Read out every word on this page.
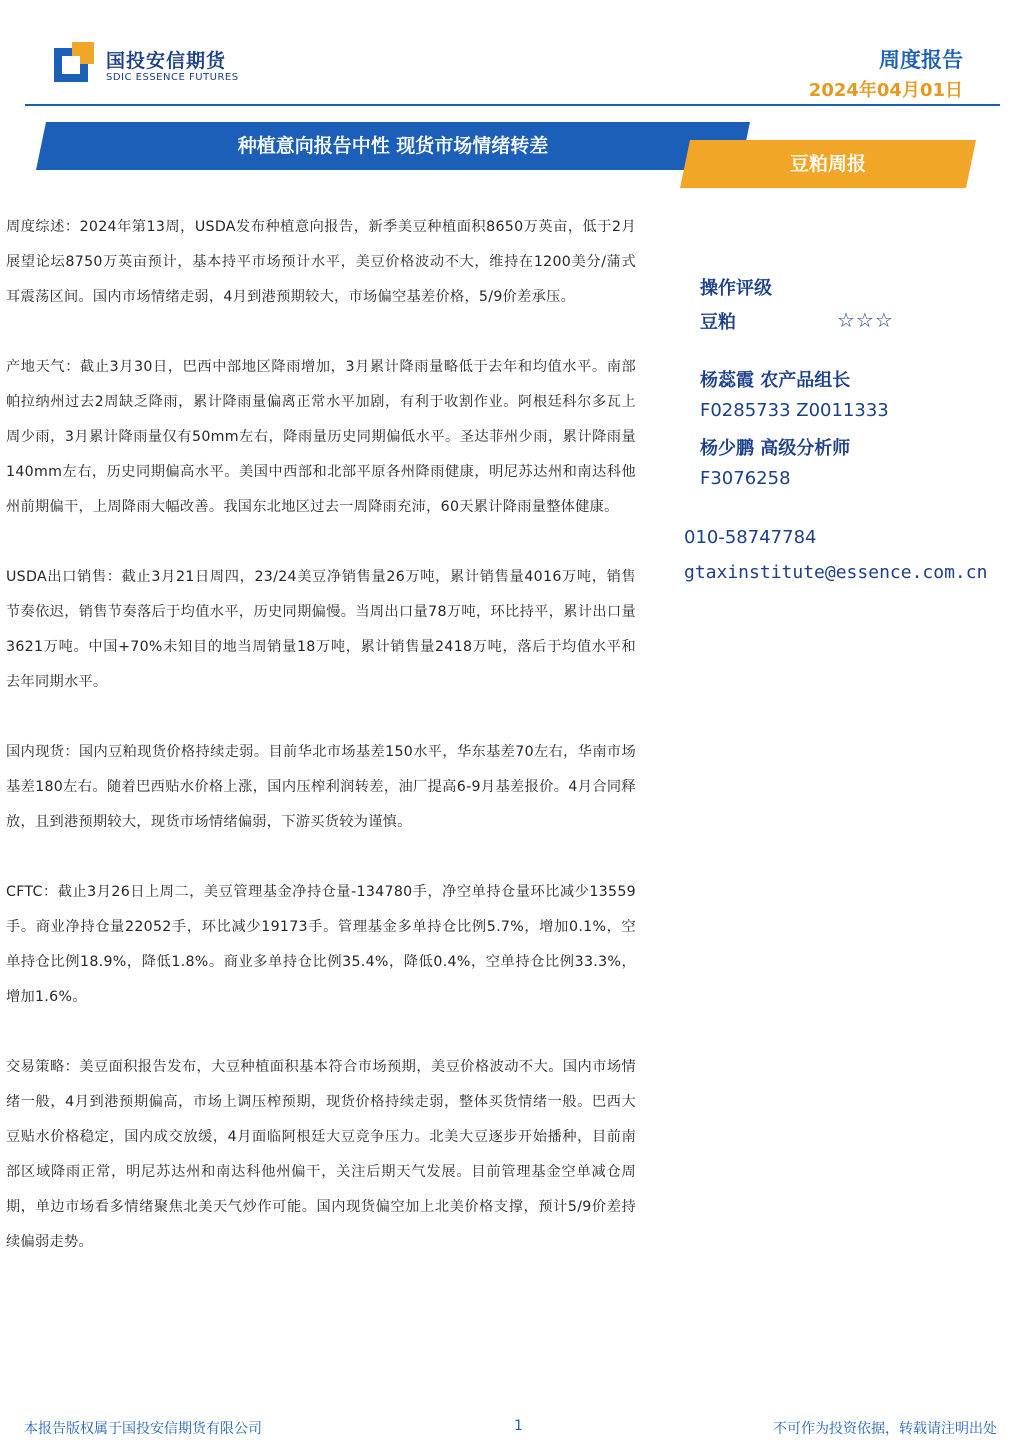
国投安信期货
SDIC ESSENCE FUTURES
周度报告
2024年04月01日
种植意向报告中性 现货市场情绪转差
豆粕周报

周度综述：2024年第13周，USDA发布种植意向报告，新季美豆种植面积8650万英亩，低于2月展望论坛8750万英亩预计，基本持平市场预计水平，美豆价格波动不大，维持在1200美分/蒲式耳震荡区间。国内市场情绪走弱，4月到港预期较大，市场偏空基差价格，5/9价差承压。

产地天气：截止3月30日，巴西中部地区降雨增加，3月累计降雨量略低于去年和均值水平。南部帕拉纳州过去2周缺乏降雨，累计降雨量偏离正常水平加剧，有利于收割作业。阿根廷科尔多瓦上周少雨，3月累计降雨量仅有50mm左右，降雨量历史同期偏低水平。圣达菲州少雨，累计降雨量140mm左右，历史同期偏高水平。美国中西部和北部平原各州降雨健康，明尼苏达州和南达科他州前期偏干，上周降雨大幅改善。我国东北地区过去一周降雨充沛，60天累计降雨量整体健康。

USDA出口销售：截止3月21日周四，23/24美豆净销售量26万吨，累计销售量4016万吨，销售节奏依迟，销售节奏落后于均值水平，历史同期偏慢。当周出口量78万吨，环比持平，累计出口量3621万吨。中国+70%未知目的地当周销量18万吨，累计销售量2418万吨，落后于均值水平和去年同期水平。

国内现货：国内豆粕现货价格持续走弱。目前华北市场基差150水平，华东基差70左右，华南市场基差180左右。随着巴西贴水价格上涨，国内压榨利润转差，油厂提高6-9月基差报价。4月合同释放，且到港预期较大，现货市场情绪偏弱，下游买货较为谨慎。

CFTC：截止3月26日上周二，美豆管理基金净持仓量-134780手，净空单持仓量环比减少13559手。商业净持仓量22052手，环比减少19173手。管理基金多单持仓比例5.7%，增加0.1%，空单持仓比例18.9%，降低1.8%。商业多单持仓比例35.4%，降低0.4%，空单持仓比例33.3%，增加1.6%。

交易策略：美豆面积报告发布，大豆种植面积基本符合市场预期，美豆价格波动不大。国内市场情绪一般，4月到港预期偏高，市场上调压榨预期，现货价格持续走弱，整体买货情绪一般。巴西大豆贴水价格稳定，国内成交放缓，4月面临阿根廷大豆竞争压力。北美大豆逐步开始播种，目前南部区域降雨正常，明尼苏达州和南达科他州偏干，关注后期天气发展。目前管理基金空单减仓周期，单边市场看多情绪聚焦北美天气炒作可能。国内现货偏空加上北美价格支撑，预计5/9价差持续偏弱走势。

操作评级
豆粕	☆☆☆
杨蕊霞 农产品组长
F0285733 Z0011333
杨少鹏 高级分析师
F3076258
010-58747784
gtaxinstitute@essence.com.cn
本报告版权属于国投安信期货有限公司	1	不可作为投资依据，转载请注明出处
